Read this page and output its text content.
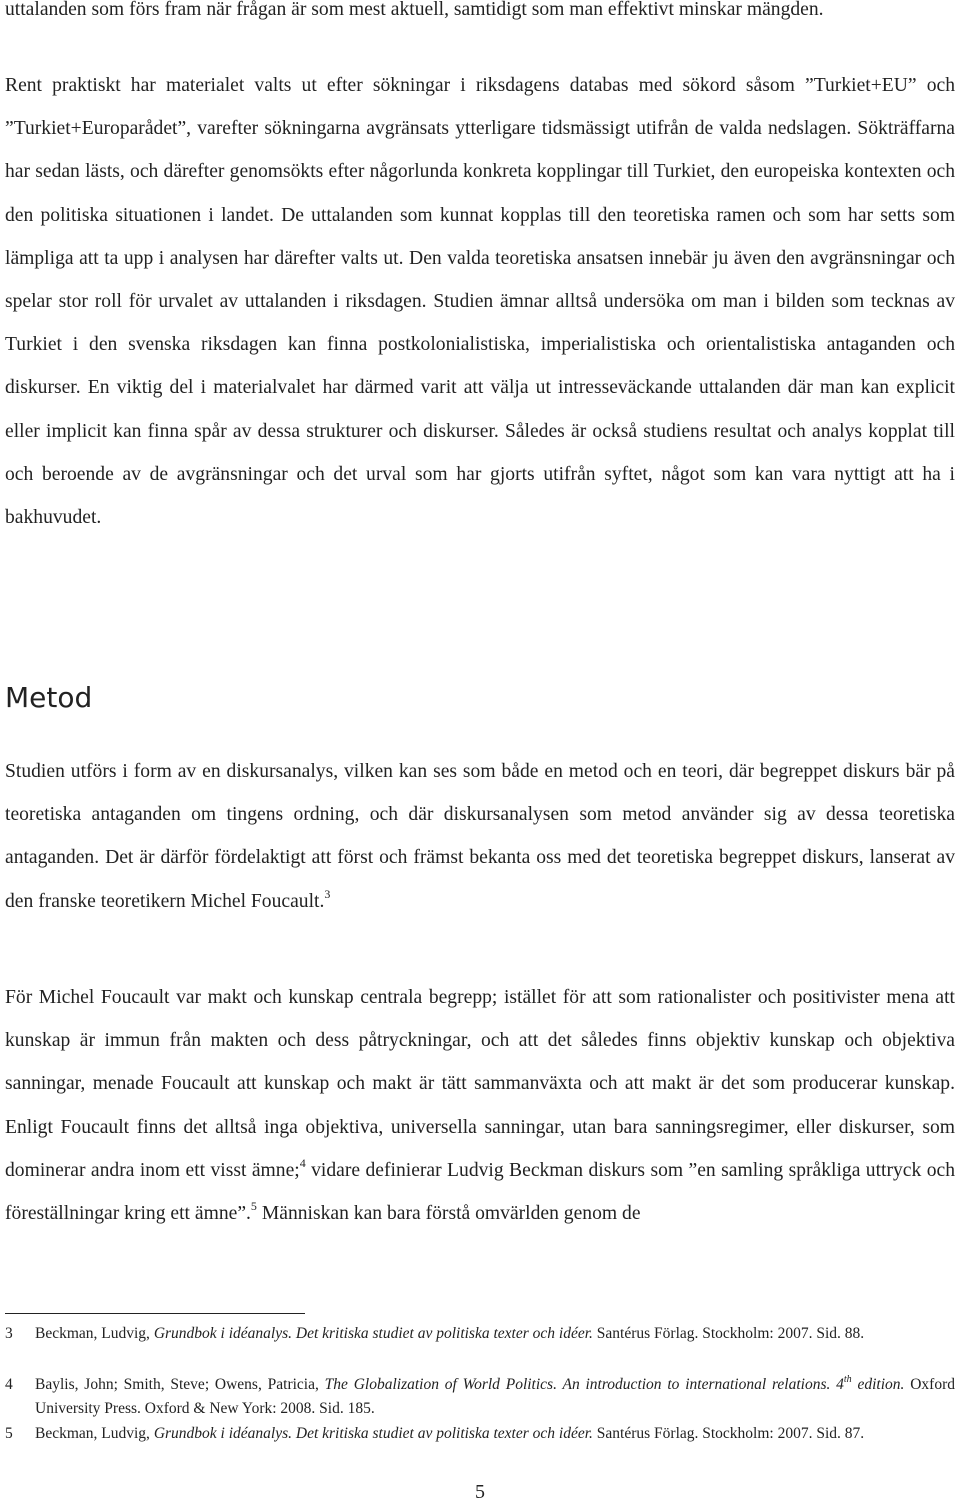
uttalanden som förs fram när frågan är som mest aktuell, samtidigt som man effektivt minskar mängden.

Rent praktiskt har materialet valts ut efter sökningar i riksdagens databas med sökord såsom ”Turkiet+EU” och ”Turkiet+Europarådet”, varefter sökningarna avgränsats ytterligare tidsmässigt utifrån de valda nedslagen. Sökträffarna har sedan lästs, och därefter genomsökts efter någorlunda konkreta kopplingar till Turkiet, den europeiska kontexten och den politiska situationen i landet. De uttalanden som kunnat kopplas till den teoretiska ramen och som har setts som lämpliga att ta upp i analysen har därefter valts ut. Den valda teoretiska ansatsen innebär ju även den avgränsningar och spelar stor roll för urvalet av uttalanden i riksdagen. Studien ämnar alltså undersöka om man i bilden som tecknas av Turkiet i den svenska riksdagen kan finna postkolonialistiska, imperialistiska och orientalistiska antaganden och diskurser. En viktig del i materialvalet har därmed varit att välja ut intresseväckande uttalanden där man kan explicit eller implicit kan finna spår av dessa strukturer och diskurser. Således är också studiens resultat och analys kopplat till och beroende av de avgränsningar och det urval som har gjorts utifrån syftet, något som kan vara nyttigt att ha i bakhuvudet.

Metod

Studien utförs i form av en diskursanalys, vilken kan ses som både en metod och en teori, där begreppet diskurs bär på teoretiska antaganden om tingens ordning, och där diskursanalysen som metod använder sig av dessa teoretiska antaganden. Det är därför fördelaktigt att först och främst bekanta oss med det teoretiska begreppet diskurs, lanserat av den franske teoretikern Michel Foucault.$^3$

För Michel Foucault var makt och kunskap centrala begrepp; istället för att som rationalister och positivister mena att kunskap är immun från makten och dess påtryckningar, och att det således finns objektiv kunskap och objektiva sanningar, menade Foucault att kunskap och makt är tätt sammanväxta och att makt är det som producerar kunskap. Enligt Foucault finns det alltså inga objektiva, universella sanningar, utan bara sanningsregimer, eller diskurser, som dominerar andra inom ett visst ämne;$^4$ vidare definierar Ludvig Beckman diskurs som ”en samling språkliga uttryck och föreställningar kring ett ämne”.$^5$ Människan kan bara förstå omvärlden genom de

3 Beckman, Ludvig, Grundbok i idéanalys. Det kritiska studiet av politiska texter och idéer. Santérus Förlag. Stockholm: 2007. Sid. 88.
4 Baylis, John; Smith, Steve; Owens, Patricia, The Globalization of World Politics. An introduction to international relations. 4th edition. Oxford University Press. Oxford & New York: 2008. Sid. 185.
5 Beckman, Ludvig, Grundbok i idéanalys. Det kritiska studiet av politiska texter och idéer. Santérus Förlag. Stockholm: 2007. Sid. 87.
5
